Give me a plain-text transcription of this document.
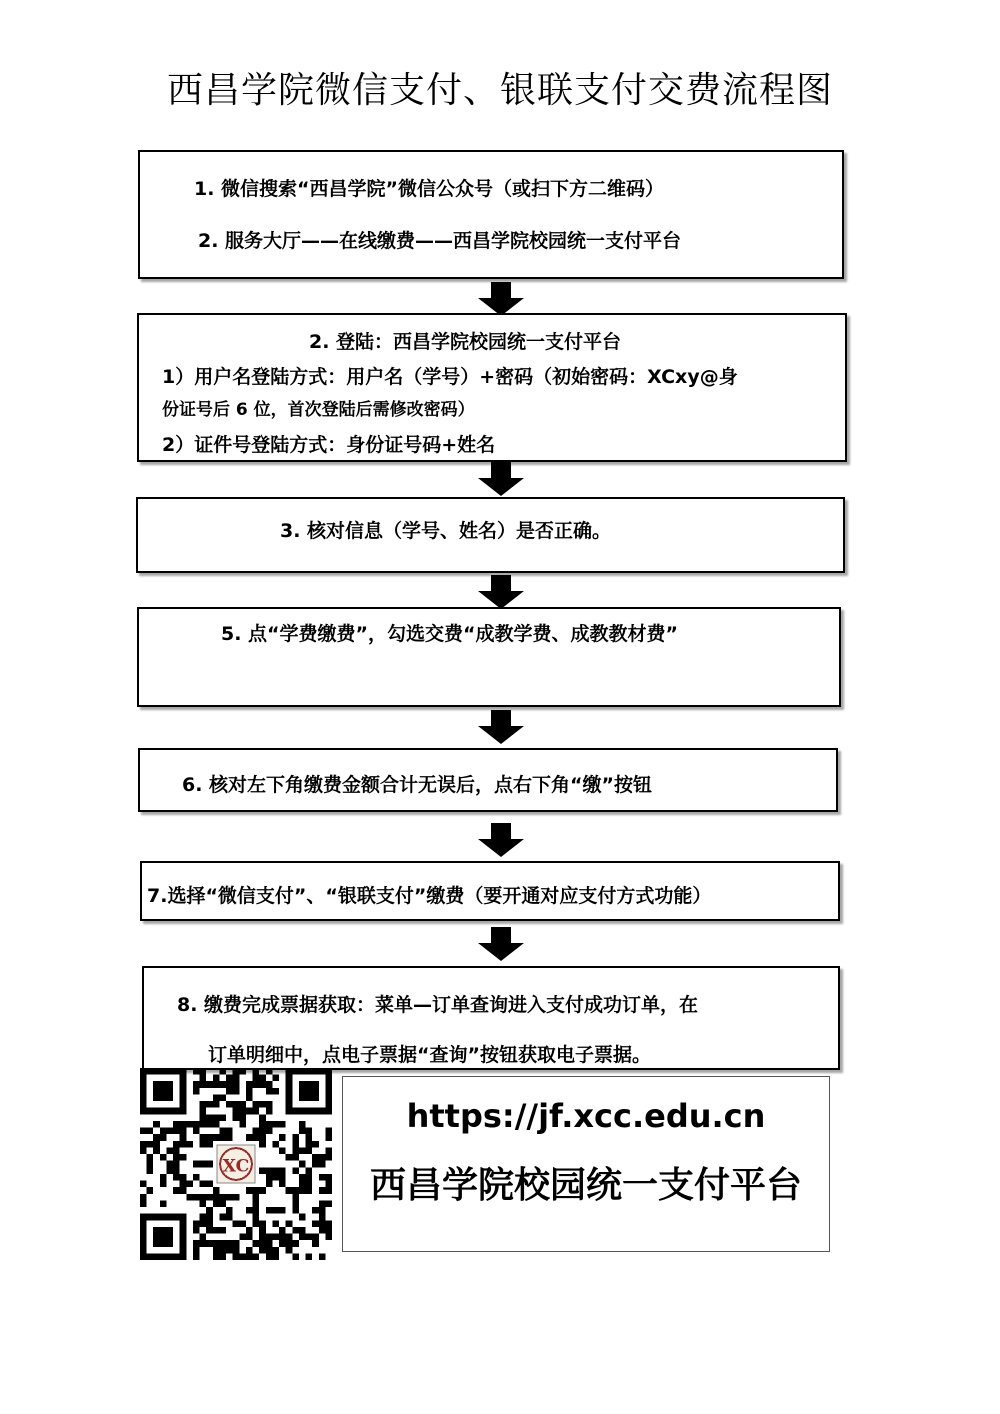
西昌学院微信支付、银联支付交费流程图
1. 微信搜索“西昌学院”微信公众号（或扫下方二维码）
2. 服务大厅——在线缴费——西昌学院校园统一支付平台
2. 登陆：西昌学院校园统一支付平台
1）用户名登陆方式：用户名（学号）+密码（初始密码：XCxy@身
份证号后 6 位，首次登陆后需修改密码）
2）证件号登陆方式：身份证号码+姓名
3. 核对信息（学号、姓名）是否正确。
5. 点“学费缴费”，勾选交费“成教学费、成教教材费”
6. 核对左下角缴费金额合计无误后，点右下角“缴”按钮
7.选择“微信支付”、“银联支付”缴费（要开通对应支付方式功能）
8. 缴费完成票据获取：菜单—订单查询进入支付成功订单，在
订单明细中，点电子票据“查询”按钮获取电子票据。
XC
https://jf.xcc.edu.cn
西昌学院校园统一支付平台
